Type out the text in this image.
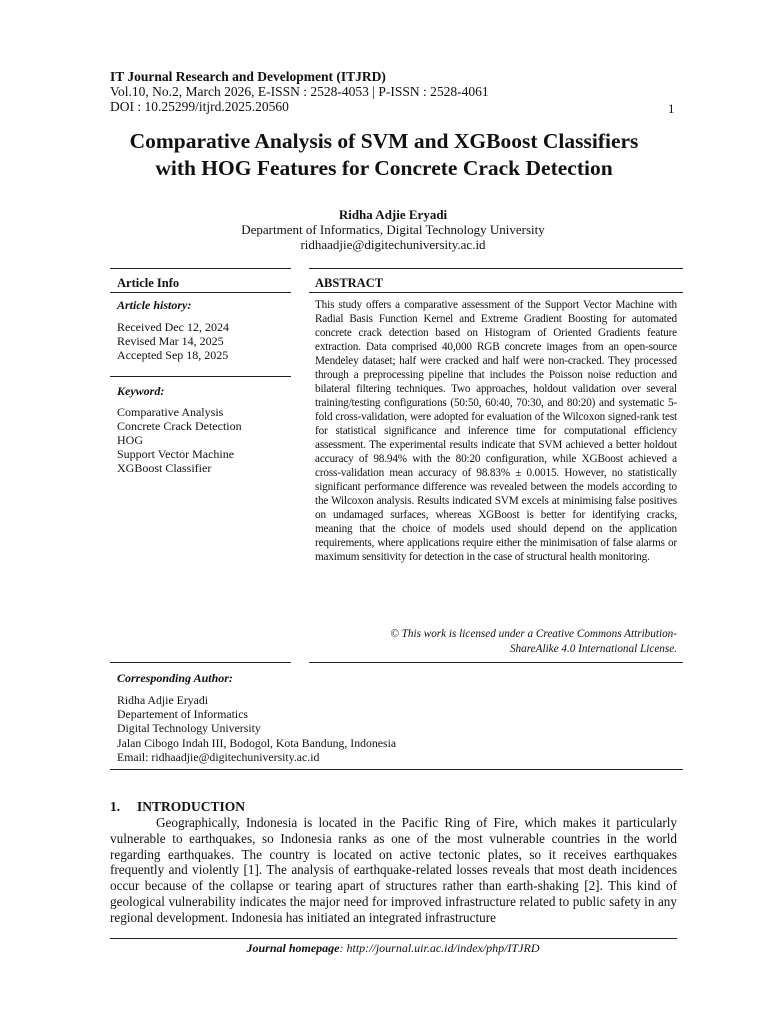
IT Journal Research and Development (ITJRD)
Vol.10, No.2, March 2026, E-ISSN : 2528-4053 | P-ISSN : 2528-4061
DOI : 10.25299/itjrd.2025.20560	1
Comparative Analysis of SVM and XGBoost Classifiers
with HOG Features for Concrete Crack Detection
Ridha Adjie Eryadi
Department of Informatics, Digital Technology University
ridhaadjie@digitechuniversity.ac.id
Article Info
Article history:
Received Dec 12, 2024
Revised Mar 14, 2025
Accepted Sep 18, 2025
Keyword:
Comparative Analysis
Concrete Crack Detection
HOG
Support Vector Machine
XGBoost Classifier
ABSTRACT
This study offers a comparative assessment of the Support Vector Machine with Radial Basis Function Kernel and Extreme Gradient Boosting for automated concrete crack detection based on Histogram of Oriented Gradients feature extraction. Data comprised 40,000 RGB concrete images from an open-source Mendeley dataset; half were cracked and half were non-cracked. They processed through a preprocessing pipeline that includes the Poisson noise reduction and bilateral filtering techniques. Two approaches, holdout validation over several training/testing configurations (50:50, 60:40, 70:30, and 80:20) and systematic 5-fold cross-validation, were adopted for evaluation of the Wilcoxon signed-rank test for statistical significance and inference time for computational efficiency assessment. The experimental results indicate that SVM achieved a better holdout accuracy of 98.94% with the 80:20 configuration, while XGBoost achieved a cross-validation mean accuracy of 98.83% ± 0.0015. However, no statistically significant performance difference was revealed between the models according to the Wilcoxon analysis. Results indicated SVM excels at minimising false positives on undamaged surfaces, whereas XGBoost is better for identifying cracks, meaning that the choice of models used should depend on the application requirements, where applications require either the minimisation of false alarms or maximum sensitivity for detection in the case of structural health monitoring.
© This work is licensed under a Creative Commons Attribution-
ShareAlike 4.0 International License.
Corresponding Author:
Ridha Adjie Eryadi
Departement of Informatics
Digital Technology University
Jalan Cibogo Indah III, Bodogol, Kota Bandung, Indonesia
Email: ridhaadjie@digitechuniversity.ac.id
1. INTRODUCTION
Geographically, Indonesia is located in the Pacific Ring of Fire, which makes it particularly vulnerable to earthquakes, so Indonesia ranks as one of the most vulnerable countries in the world regarding earthquakes. The country is located on active tectonic plates, so it receives earthquakes frequently and violently [1]. The analysis of earthquake-related losses reveals that most death incidences occur because of the collapse or tearing apart of structures rather than earth-shaking [2]. This kind of geological vulnerability indicates the major need for improved infrastructure related to public safety in any regional development. Indonesia has initiated an integrated infrastructure
Journal homepage: http://journal.uir.ac.id/index/php/ITJRD
